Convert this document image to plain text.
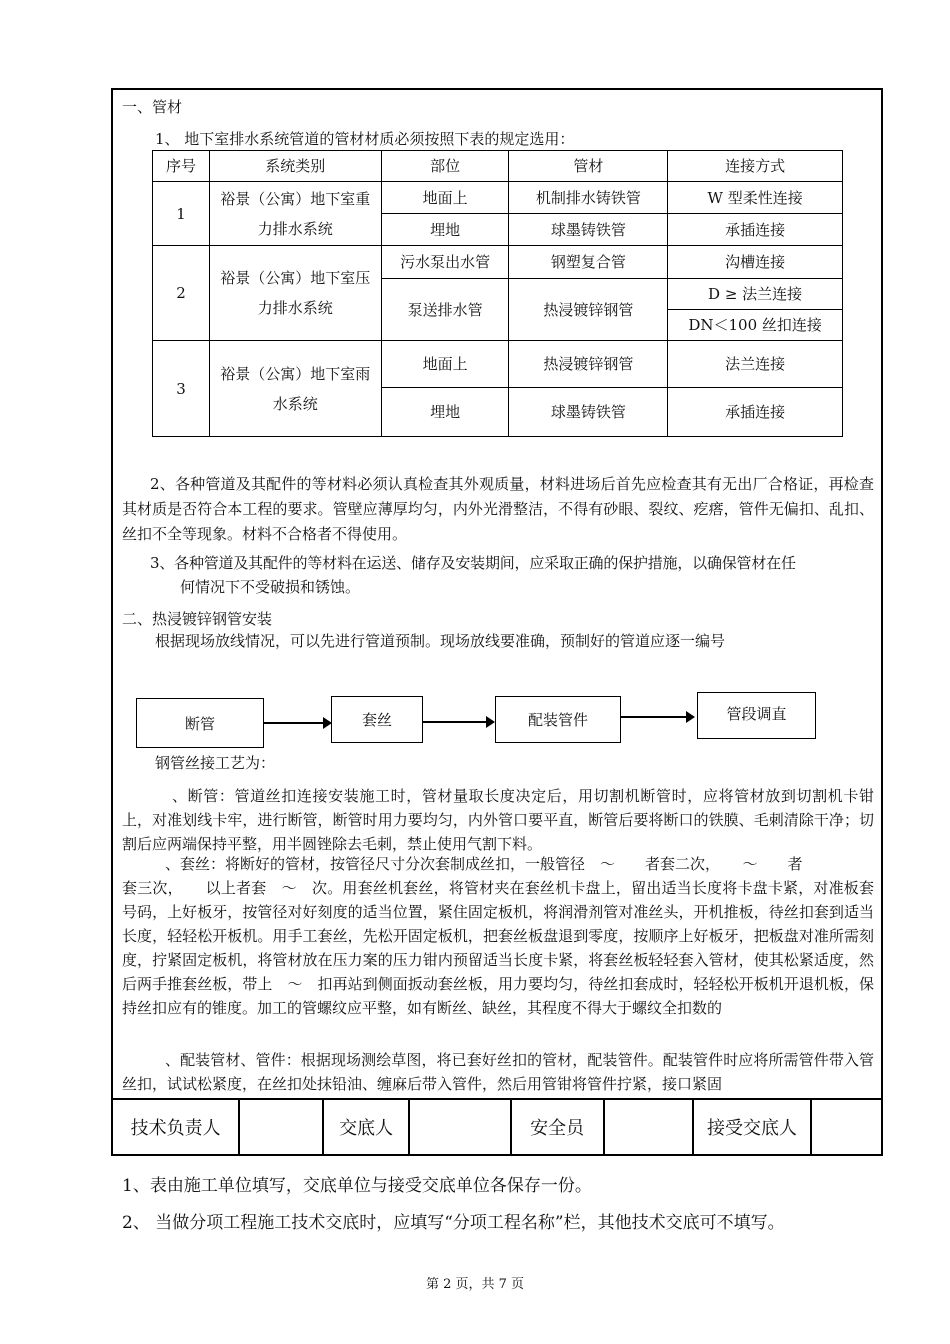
一、管材
1、 地下室排水系统管道的管材材质必须按照下表的规定选用：
序号	系统类别	部位	管材	连接方式
1	裕景（公寓）地下室重力排水系统	地面上	机制排水铸铁管	W 型柔性连接
		埋地	球墨铸铁管	承插连接
2	裕景（公寓）地下室压力排水系统	污水泵出水管	钢塑复合管	沟槽连接
		泵送排水管	热浸镀锌钢管	D ≥ 法兰连接
				DN＜100 丝扣连接
3	裕景（公寓）地下室雨水系统	地面上	热浸镀锌钢管	法兰连接
		埋地	球墨铸铁管	承插连接
2、各种管道及其配件的等材料必须认真检查其外观质量，材料进场后首先应检查其有无出厂合格证，再检查其材质是否符合本工程的要求。管壁应薄厚均匀，内外光滑整洁，不得有砂眼、裂纹、疙瘩，管件无偏扣、乱扣、丝扣不全等现象。材料不合格者不得使用。
3、各种管道及其配件的等材料在运送、储存及安装期间，应采取正确的保护措施，以确保管材在任
何情况下不受破损和锈蚀。
二、热浸镀锌钢管安装
根据现场放线情况，可以先进行管道预制。现场放线要准确，预制好的管道应逐一编号
断管	套丝	配装管件	管段调直
钢管丝接工艺为：
、断管：管道丝扣连接安装施工时，管材量取长度决定后，用切割机断管时，应将管材放到切割机卡钳上，对准划线卡牢，进行断管，断管时用力要均匀，内外管口要平直，断管后要将断口的铁膜、毛刺清除干净；切割后应两端保持平整，用半圆锉除去毛刺，禁止使用气割下料。
、套丝：将断好的管材，按管径尺寸分次套制成丝扣，一般管径　～　　者套二次，　　～　　者
套三次，　　以上者套　～　次。用套丝机套丝，将管材夹在套丝机卡盘上，留出适当长度将卡盘卡紧，对准板套号码，上好板牙，按管径对好刻度的适当位置，紧住固定板机，将润滑剂管对准丝头，开机推板，待丝扣套到适当长度，轻轻松开板机。用手工套丝，先松开固定板机，把套丝板盘退到零度，按顺序上好板牙，把板盘对准所需刻度，拧紧固定板机，将管材放在压力案的压力钳内预留适当长度卡紧，将套丝板轻轻套入管材，使其松紧适度，然后两手推套丝板，带上　～　扣再站到侧面扳动套丝板，用力要均匀，待丝扣套成时，轻轻松开板机开退机板，保持丝扣应有的锥度。加工的管螺纹应平整，如有断丝、缺丝，其程度不得大于螺纹全扣数的
、配装管材、管件：根据现场测绘草图，将已套好丝扣的管材，配装管件。配装管件时应将所需管件带入管丝扣，试试松紧度，在丝扣处抹铅油、缠麻后带入管件，然后用管钳将管件拧紧，接口紧固
技术负责人		交底人		安全员		接受交底人	
1、表由施工单位填写，交底单位与接受交底单位各保存一份。
2、 当做分项工程施工技术交底时，应填写“分项工程名称”栏，其他技术交底可不填写。
第 2 页，共 7 页
